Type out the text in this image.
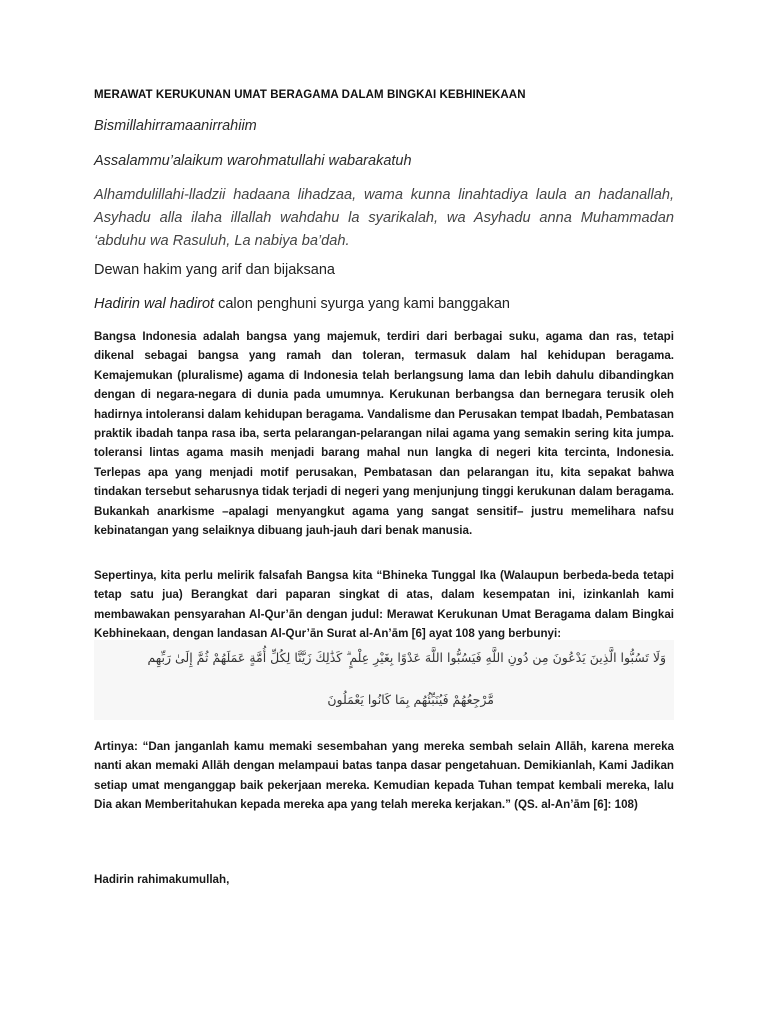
MERAWAT KERUKUNAN UMAT BERAGAMA DALAM BINGKAI KEBHINEKAAN
Bismillahirramaanirrahiim
Assalammu’alaikum warohmatullahi wabarakatuh

Alhamdulillahi-lladzii hadaana lihadzaa, wama kunna linahtadiya laula an hadanallah, Asyhadu alla ilaha illallah wahdahu la syarikalah, wa Asyhadu anna Muhammadan ‘abduhu wa Rasuluh, La nabiya ba’dah.

Dewan hakim yang arif dan bijaksana
Hadirin wal hadirot calon penghuni syurga yang kami banggakan

Bangsa Indonesia adalah bangsa yang majemuk, terdiri dari berbagai suku, agama dan ras, tetapi dikenal sebagai bangsa yang ramah dan toleran, termasuk dalam hal kehidupan beragama. Kemajemukan (pluralisme) agama di Indonesia telah berlangsung lama dan lebih dahulu dibandingkan dengan di negara-negara di dunia pada umumnya. Kerukunan berbangsa dan bernegara terusik oleh hadirnya intoleransi dalam kehidupan beragama. Vandalisme dan Perusakan tempat Ibadah, Pembatasan praktik ibadah tanpa rasa iba, serta pelarangan-pelarangan nilai agama yang semakin sering kita jumpa. toleransi lintas agama masih menjadi barang mahal nun langka di negeri kita tercinta, Indonesia. Terlepas apa yang menjadi motif perusakan, Pembatasan dan pelarangan itu, kita sepakat bahwa tindakan tersebut seharusnya tidak terjadi di negeri yang menjunjung tinggi kerukunan dalam beragama. Bukankah anarkisme –apalagi menyangkut agama yang sangat sensitif– justru memelihara nafsu kebinatangan yang selaiknya dibuang jauh-jauh dari benak manusia.

Sepertinya, kita perlu melirik falsafah Bangsa kita “Bhineka Tunggal Ika (Walaupun berbeda-beda tetapi tetap satu jua) Berangkat dari paparan singkat di atas, dalam kesempatan ini, izinkanlah kami membawakan pensyarahan Al-Qur’ān dengan judul: Merawat Kerukunan Umat Beragama dalam Bingkai Kebhinekaan, dengan landasan Al-Qur’ān Surat al-An’ām [6] ayat 108 yang berbunyi:

وَلَا تَسُبُّوا الَّذِينَ يَدْعُونَ مِن دُونِ اللَّهِ فَيَسُبُّوا اللَّهَ عَدْوًا بِغَيْرِ عِلْمٍ ۗ كَذَٰلِكَ زَيَّنَّا لِكُلِّ أُمَّةٍ عَمَلَهُمْ ثُمَّ إِلَىٰ رَبِّهِم
مَّرْجِعُهُمْ فَيُنَبِّئُهُم بِمَا كَانُوا يَعْمَلُونَ

Artinya: “Dan janganlah kamu memaki sesembahan yang mereka sembah selain Allāh, karena mereka nanti akan memaki Allāh dengan melampaui batas tanpa dasar pengetahuan. Demikianlah, Kami Jadikan setiap umat menganggap baik pekerjaan mereka. Kemudian kepada Tuhan tempat kembali mereka, lalu Dia akan Memberitahukan kepada mereka apa yang telah mereka kerjakan.” (QS. al-An’ām [6]: 108)

Hadirin rahimakumullah,
